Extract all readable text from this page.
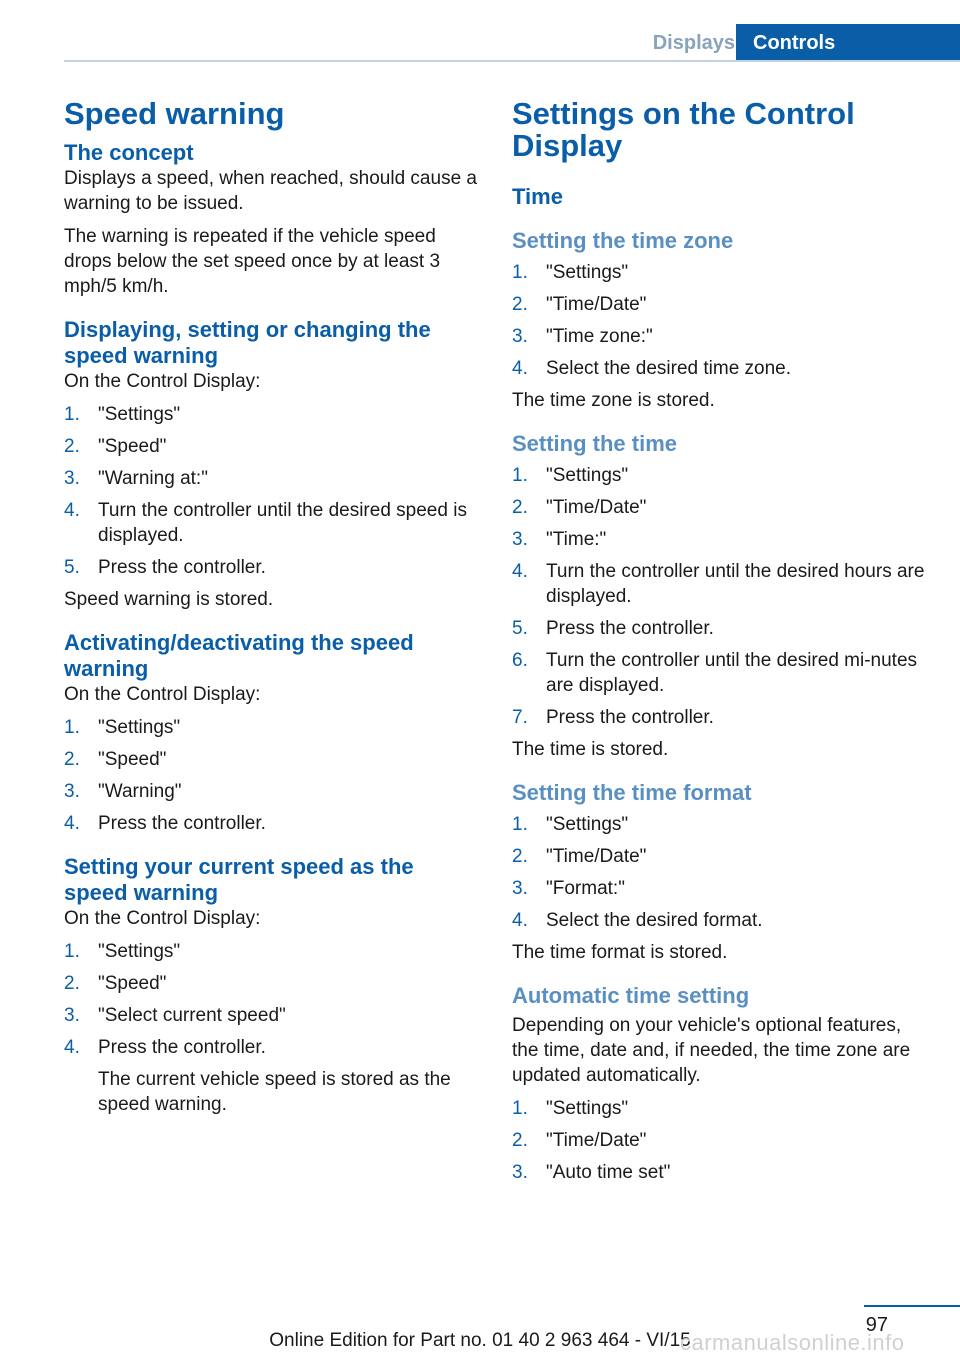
Displays Controls
Speed warning
The concept

Displays a speed, when reached, should cause a warning to be issued.

The warning is repeated if the vehicle speed drops below the set speed once by at least 3 mph/5 km/h.

Displaying, setting or changing the speed warning

On the Control Display:

1. "Settings"
2. "Speed"
3. "Warning at:"
4. Turn the controller until the desired speed is displayed.
5. Press the controller.

Speed warning is stored.

Activating/deactivating the speed warning

On the Control Display:

1. "Settings"
2. "Speed"
3. "Warning"
4. Press the controller.
Setting your current speed as the speed warning

On the Control Display:

1. "Settings"
2. "Speed"
3. "Select current speed"
4. Press the controller.
The current vehicle speed is stored as the speed warning.
Settings on the Control Display
Time
Setting the time zone
1. "Settings"
2. "Time/Date"
3. "Time zone:"
4. Select the desired time zone.

The time zone is stored.

Setting the time
1. "Settings"
2. "Time/Date"
3. "Time:"
4. Turn the controller until the desired hours are displayed.
5. Press the controller.
6. Turn the controller until the desired mi‐nutes are displayed.
7. Press the controller.

The time is stored.

Setting the time format
1. "Settings"
2. "Time/Date"
3. "Format:"
4. Select the desired format.

The time format is stored.

Automatic time setting

Depending on your vehicle's optional features, the time, date and, if needed, the time zone are updated automatically.

1. "Settings"
2. "Time/Date"
3. "Auto time set"
97
Online Edition for Part no. 01 40 2 963 464 - VI/15
carmanualsonline.info
